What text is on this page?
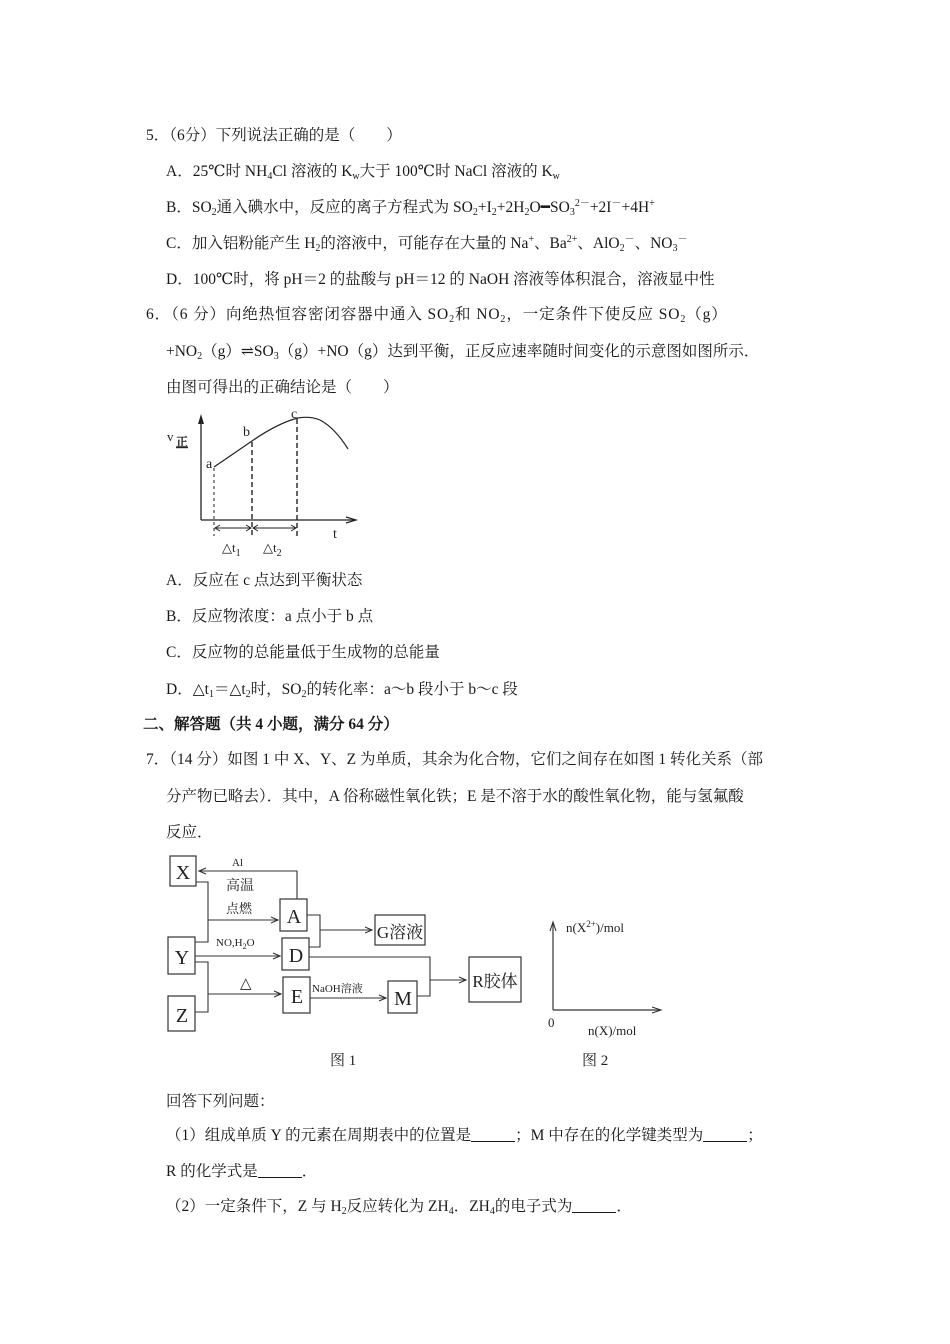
5．（6分）下列说法正确的是（　　）
A．25℃时 $NH_4Cl$ 溶液的 $K_w$大于 100℃时 NaCl 溶液的 $K_w$
B．$SO_2$通入碘水中，反应的离子方程式为 $SO_2+I_2+2H_2O━SO_3^{2-}+2I^-+4H^+$
C．加入铝粉能产生 $H_2$的溶液中，可能存在大量的 Na+、$Ba^{2+}$、AlO$_2$－、$NO_3^-$
D．100℃时，将 pH＝2 的盐酸与 pH＝12 的 NaOH 溶液等体积混合，溶液显中性
6．（6 分）向绝热恒容密闭容器中通入 $SO_2$和 $NO_2$，一定条件下使反应 $SO_2(g)$
$+NO_2(g)\rightleftharpoons SO_3(g)+NO(g)$达到平衡，正反应速率随时间变化的示意图如图所示．
由图可得出的正确结论是（　　）
v 正
a
b
c
t
$\triangle t_1$ $\triangle t_2$
A．反应在 c 点达到平衡状态
B．反应物浓度：a 点小于 b 点
C．反应物的总能量低于生成物的总能量
D．$\triangle t_1=\triangle t_2$时，$SO_2$的转化率：a～b 段小于 b～c 段
二、解答题（共 4 小题，满分 64 分）
7．（14 分）如图 1 中 X、Y、Z 为单质，其余为化合物，它们之间存在如图 1 转化关系（部
分产物已略去）．其中，A 俗称磁性氧化铁；E 是不溶于水的酸性氧化物，能与氢氟酸
反应．
X
Y
Z
A
D
E	M
G溶液
R胶体
Al
高温
点燃
$NO,H_2O$
△	NaOH溶液
图 1
$n(X^{2+})$/mol
0
n(X)/mol
图 2
回答下列问题：
（1）组成单质 Y 的元素在周期表中的位置是	；M 中存在的化学键类型为	；
R 的化学式是	．
（2）一定条件下，Z 与 $H_2$反应转化为 $ZH_4$．$ZH_4$的电子式为	．
